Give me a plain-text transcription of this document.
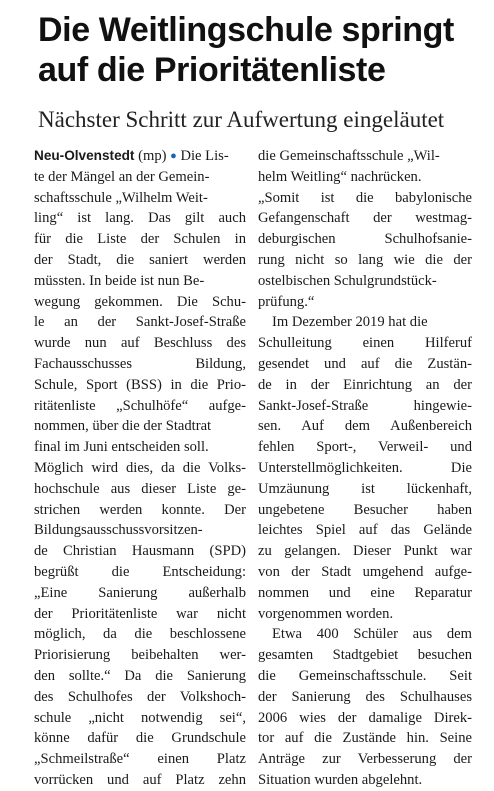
Die Weitlingschule springt
auf die Prioritätenliste
Nächster Schritt zur Aufwertung eingeläutet
Neu-Olvenstedt (mp) ● Die Lis-
te der Mängel an der Gemein-
schaftsschule „Wilhelm Weit-
ling“ ist lang. Das gilt auch
für die Liste der Schulen in
der Stadt, die saniert werden
müssten. In beide ist nun Be-
wegung gekommen. Die Schu-
le an der Sankt-Josef-Straße
wurde nun auf Beschluss des
Fachausschusses Bildung,
Schule, Sport (BSS) in die Prio-
ritätenliste „Schulhöfe“ aufge-
nommen, über die der Stadtrat
final im Juni entscheiden soll.
Möglich wird dies, da die Volks-
hochschule aus dieser Liste ge-
strichen werden konnte. Der
Bildungsausschussvorsitzen-
de Christian Hausmann (SPD)
begrüßt die Entscheidung:
„Eine Sanierung außerhalb
der Prioritätenliste war nicht
möglich, da die beschlossene
Priorisierung beibehalten wer-
den sollte.“ Da die Sanierung
des Schulhofes der Volkshoch-
schule „nicht notwendig sei“,
könne dafür die Grundschule
„Schmeilstraße“ einen Platz
vorrücken und auf Platz zehn
die Gemeinschaftsschule „Wil-
helm Weitling“ nachrücken.
„Somit ist die babylonische
Gefangenschaft der westmag-
deburgischen Schulhofsanie-
rung nicht so lang wie die der
ostelbischen Schulgrundstück-
prüfung.“
Im Dezember 2019 hat die
Schulleitung einen Hilferuf
gesendet und auf die Zustän-
de in der Einrichtung an der
Sankt-Josef-Straße hingewie-
sen. Auf dem Außenbereich
fehlen Sport-, Verweil- und
Unterstellmöglichkeiten. Die
Umzäunung ist lückenhaft,
ungebetene Besucher haben
leichtes Spiel auf das Gelände
zu gelangen. Dieser Punkt war
von der Stadt umgehend aufge-
nommen und eine Reparatur
vorgenommen worden.
Etwa 400 Schüler aus dem
gesamten Stadtgebiet besuchen
die Gemeinschaftsschule. Seit
der Sanierung des Schulhauses
2006 wies der damalige Direk-
tor auf die Zustände hin. Seine
Anträge zur Verbesserung der
Situation wurden abgelehnt.
